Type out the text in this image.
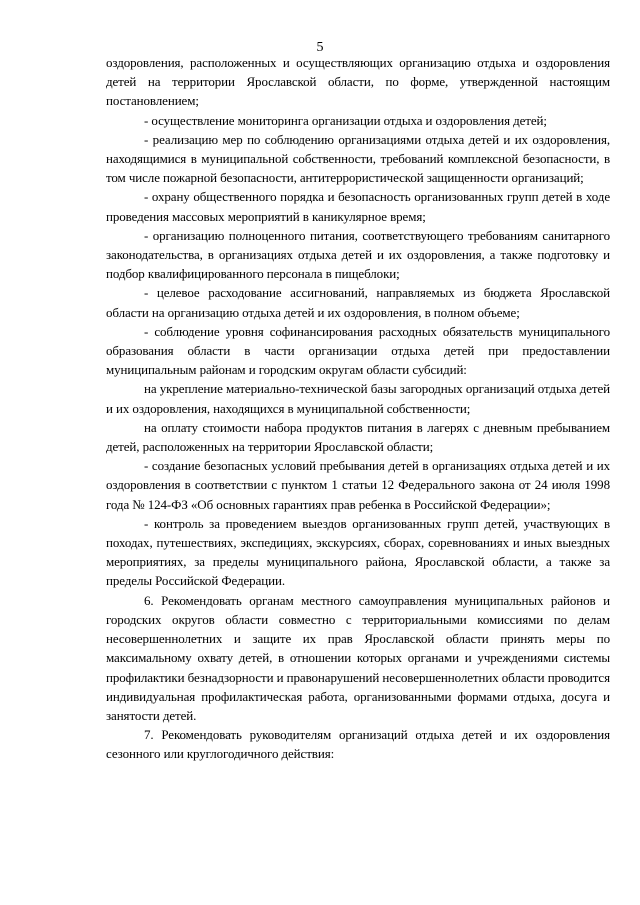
5

оздоровления, расположенных и осуществляющих организацию отдыха и оздоровления детей на территории Ярославской области, по форме, утвержденной настоящим постановлением;

- осуществление мониторинга организации отдыха и оздоровления детей;

- реализацию мер по соблюдению организациями отдыха детей и их оздоровления, находящимися в муниципальной собственности, требований комплексной безопасности, в том числе пожарной безопасности, антитеррористической защищенности организаций;

- охрану общественного порядка и безопасность организованных групп детей в ходе проведения массовых мероприятий в каникулярное время;

- организацию полноценного питания, соответствующего требованиям санитарного законодательства, в организациях отдыха детей и их оздоровления, а также подготовку и подбор квалифицированного персонала в пищеблоки;

- целевое расходование ассигнований, направляемых из бюджета Ярославской области на организацию отдыха детей и их оздоровления, в полном объеме;

- соблюдение уровня софинансирования расходных обязательств муниципального образования области в части организации отдыха детей при предоставлении муниципальным районам и городским округам области субсидий:

на укрепление материально-технической базы загородных организаций отдыха детей и их оздоровления, находящихся в муниципальной собственности;

на оплату стоимости набора продуктов питания в лагерях с дневным пребыванием детей, расположенных на территории Ярославской области;

- создание безопасных условий пребывания детей в организациях отдыха детей и их оздоровления в соответствии с пунктом 1 статьи 12 Федерального закона от 24 июля 1998 года № 124-ФЗ «Об основных гарантиях прав ребенка в Российской Федерации»;

- контроль за проведением выездов организованных групп детей, участвующих в походах, путешествиях, экспедициях, экскурсиях, сборах, соревнованиях и иных выездных мероприятиях, за пределы муниципального района, Ярославской области, а также за пределы Российской Федерации.

6. Рекомендовать органам местного самоуправления муниципальных районов и городских округов области совместно с территориальными комиссиями по делам несовершеннолетних и защите их прав Ярославской области принять меры по максимальному охвату детей, в отношении которых органами и учреждениями системы профилактики безнадзорности и правонарушений несовершеннолетних области проводится индивидуальная профилактическая работа, организованными формами отдыха, досуга и занятости детей.

7. Рекомендовать руководителям организаций отдыха детей и их оздоровления сезонного или круглогодичного действия:
